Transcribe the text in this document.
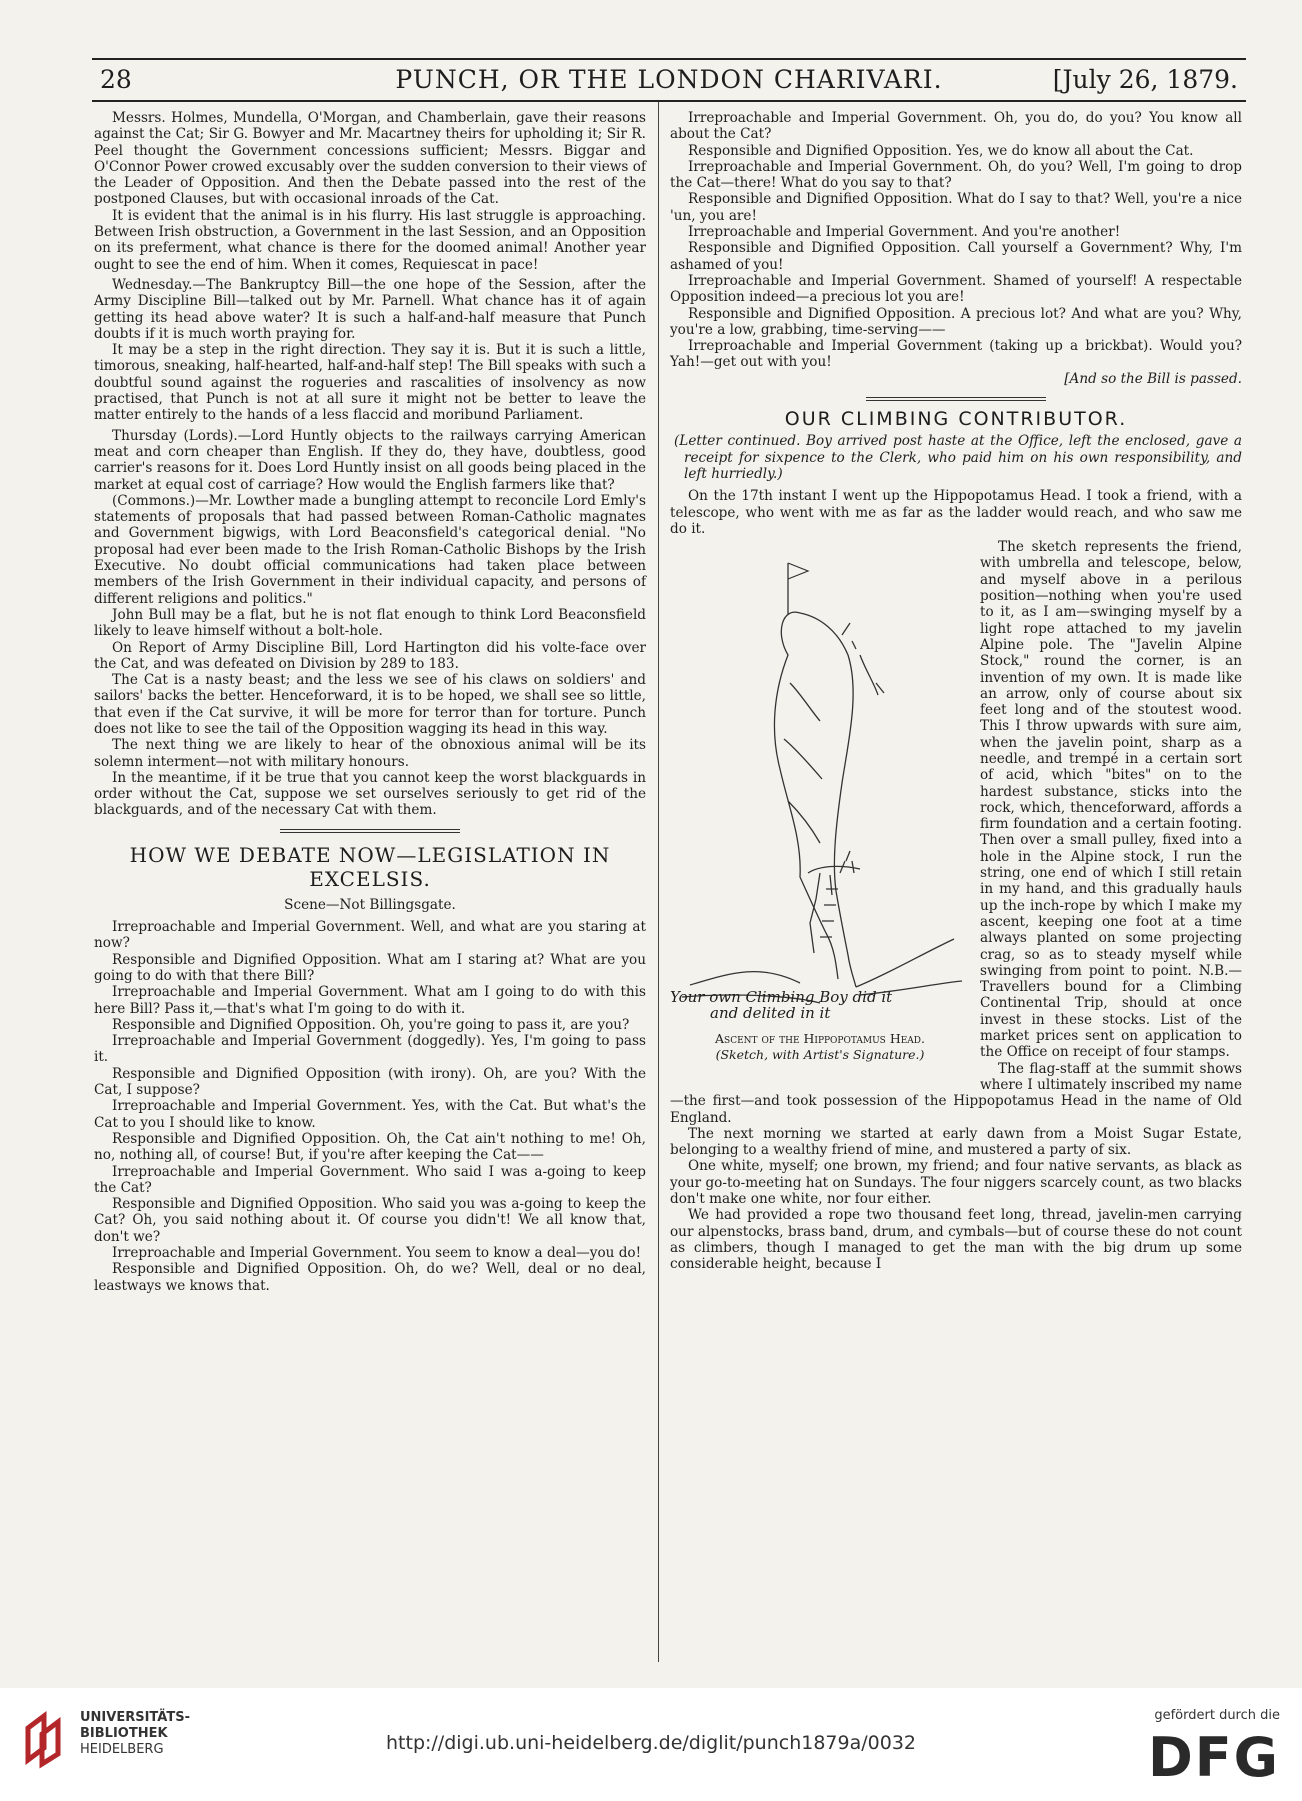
28	PUNCH, OR THE LONDON CHARIVARI.	[July 26, 1879.

Messrs. Holmes, Mundella, O'Morgan, and Chamberlain, gave their reasons against the Cat; Sir G. Bowyer and Mr. Macartney theirs for upholding it; Sir R. Peel thought the Government concessions sufficient; Messrs. Biggar and O'Connor Power crowed excusably over the sudden conversion to their views of the Leader of Opposition. And then the Debate passed into the rest of the postponed Clauses, but with occasional inroads of the Cat.

It is evident that the animal is in his flurry. His last struggle is approaching. Between Irish obstruction, a Government in the last Session, and an Opposition on its preferment, what chance is there for the doomed animal! Another year ought to see the end of him. When it comes, Requiescat in pace!

Wednesday.—The Bankruptcy Bill—the one hope of the Session, after the Army Discipline Bill—talked out by Mr. Parnell. What chance has it of again getting its head above water? It is such a half-and-half measure that Punch doubts if it is much worth praying for.

It may be a step in the right direction. They say it is. But it is such a little, timorous, sneaking, half-hearted, half-and-half step! The Bill speaks with such a doubtful sound against the rogueries and rascalities of insolvency as now practised, that Punch is not at all sure it might not be better to leave the matter entirely to the hands of a less flaccid and moribund Parliament.

Thursday (Lords).—Lord Huntly objects to the railways carrying American meat and corn cheaper than English. If they do, they have, doubtless, good carrier's reasons for it. Does Lord Huntly insist on all goods being placed in the market at equal cost of carriage? How would the English farmers like that?

(Commons.)—Mr. Lowther made a bungling attempt to reconcile Lord Emly's statements of proposals that had passed between Roman-Catholic magnates and Government bigwigs, with Lord Beaconsfield's categorical denial. "No proposal had ever been made to the Irish Roman-Catholic Bishops by the Irish Executive. No doubt official communications had taken place between members of the Irish Government in their individual capacity, and persons of different religions and politics."

John Bull may be a flat, but he is not flat enough to think Lord Beaconsfield likely to leave himself without a bolt-hole.

On Report of Army Discipline Bill, Lord Hartington did his volte-face over the Cat, and was defeated on Division by 289 to 183.

The Cat is a nasty beast; and the less we see of his claws on soldiers' and sailors' backs the better. Henceforward, it is to be hoped, we shall see so little, that even if the Cat survive, it will be more for terror than for torture. Punch does not like to see the tail of the Opposition wagging its head in this way.

The next thing we are likely to hear of the obnoxious animal will be its solemn interment—not with military honours.

In the meantime, if it be true that you cannot keep the worst blackguards in order without the Cat, suppose we set ourselves seriously to get rid of the blackguards, and of the necessary Cat with them.

HOW WE DEBATE NOW—LEGISLATION IN EXCELSIS.
Scene—Not Billingsgate.

Irreproachable and Imperial Government. Well, and what are you staring at now?

Responsible and Dignified Opposition. What am I staring at? What are you going to do with that there Bill?

Irreproachable and Imperial Government. What am I going to do with this here Bill? Pass it,—that's what I'm going to do with it.

Responsible and Dignified Opposition. Oh, you're going to pass it, are you?

Irreproachable and Imperial Government (doggedly). Yes, I'm going to pass it.

Responsible and Dignified Opposition (with irony). Oh, are you? With the Cat, I suppose?

Irreproachable and Imperial Government. Yes, with the Cat. But what's the Cat to you I should like to know.

Responsible and Dignified Opposition. Oh, the Cat ain't nothing to me! Oh, no, nothing all, of course! But, if you're after keeping the Cat——

Irreproachable and Imperial Government. Who said I was a-going to keep the Cat?

Responsible and Dignified Opposition. Who said you was a-going to keep the Cat? Oh, you said nothing about it. Of course you didn't! We all know that, don't we?

Irreproachable and Imperial Government. You seem to know a deal—you do!

Responsible and Dignified Opposition. Oh, do we? Well, deal or no deal, leastways we knows that.

Irreproachable and Imperial Government. Oh, you do, do you? You know all about the Cat?

Responsible and Dignified Opposition. Yes, we do know all about the Cat.

Irreproachable and Imperial Government. Oh, do you? Well, I'm going to drop the Cat—there! What do you say to that?

Responsible and Dignified Opposition. What do I say to that? Well, you're a nice 'un, you are!

Irreproachable and Imperial Government. And you're another!

Responsible and Dignified Opposition. Call yourself a Government? Why, I'm ashamed of you!

Irreproachable and Imperial Government. Shamed of yourself! A respectable Opposition indeed—a precious lot you are!

Responsible and Dignified Opposition. A precious lot? And what are you? Why, you're a low, grabbing, time-serving——

Irreproachable and Imperial Government (taking up a brickbat). Would you? Yah!—get out with you!

[And so the Bill is passed.
OUR CLIMBING CONTRIBUTOR.
(Letter continued. Boy arrived post haste at the Office, left the enclosed, gave a receipt for sixpence to the Clerk, who paid him on his own responsibility, and left hurriedly.)

On the 17th instant I went up the Hippopotamus Head. I took a friend, with a telescope, who went with me as far as the ladder would reach, and who saw me do it.

Your own Climbing Boy did it
and delited in it
Ascent of the Hippopotamus Head.
(Sketch, with Artist's Signature.)

The sketch represents the friend, with umbrella and telescope, below, and myself above in a perilous position—nothing when you're used to it, as I am—swinging myself by a light rope attached to my javelin Alpine pole. The "Javelin Alpine Stock," round the corner, is an invention of my own. It is made like an arrow, only of course about six feet long and of the stoutest wood. This I throw upwards with sure aim, when the javelin point, sharp as a needle, and trempé in a certain sort of acid, which "bites" on to the hardest substance, sticks into the rock, which, thenceforward, affords a firm foundation and a certain footing. Then over a small pulley, fixed into a hole in the Alpine stock, I run the string, one end of which I still retain in my hand, and this gradually hauls up the inch-rope by which I make my ascent, keeping one foot at a time always planted on some projecting crag, so as to steady myself while swinging from point to point. N.B.—Travellers bound for a Climbing Continental Trip, should at once invest in these stocks. List of the market prices sent on application to the Office on receipt of four stamps.

The flag-staff at the summit shows where I ultimately inscribed my name—the first—and took possession of the Hippopotamus Head in the name of Old England.

The next morning we started at early dawn from a Moist Sugar Estate, belonging to a wealthy friend of mine, and mustered a party of six.

One white, myself; one brown, my friend; and four native servants, as black as your go-to-meeting hat on Sundays. The four niggers scarcely count, as two blacks don't make one white, nor four either.

We had provided a rope two thousand feet long, thread, javelin-men carrying our alpenstocks, brass band, drum, and cymbals—but of course these do not count as climbers, though I managed to get the man with the big drum up some considerable height, because I

UNIVERSITÄTS-
BIBLIOTHEK
HEIDELBERG	http://digi.ub.uni-heidelberg.de/diglit/punch1879a/0032
gefördert durch die
DFG
